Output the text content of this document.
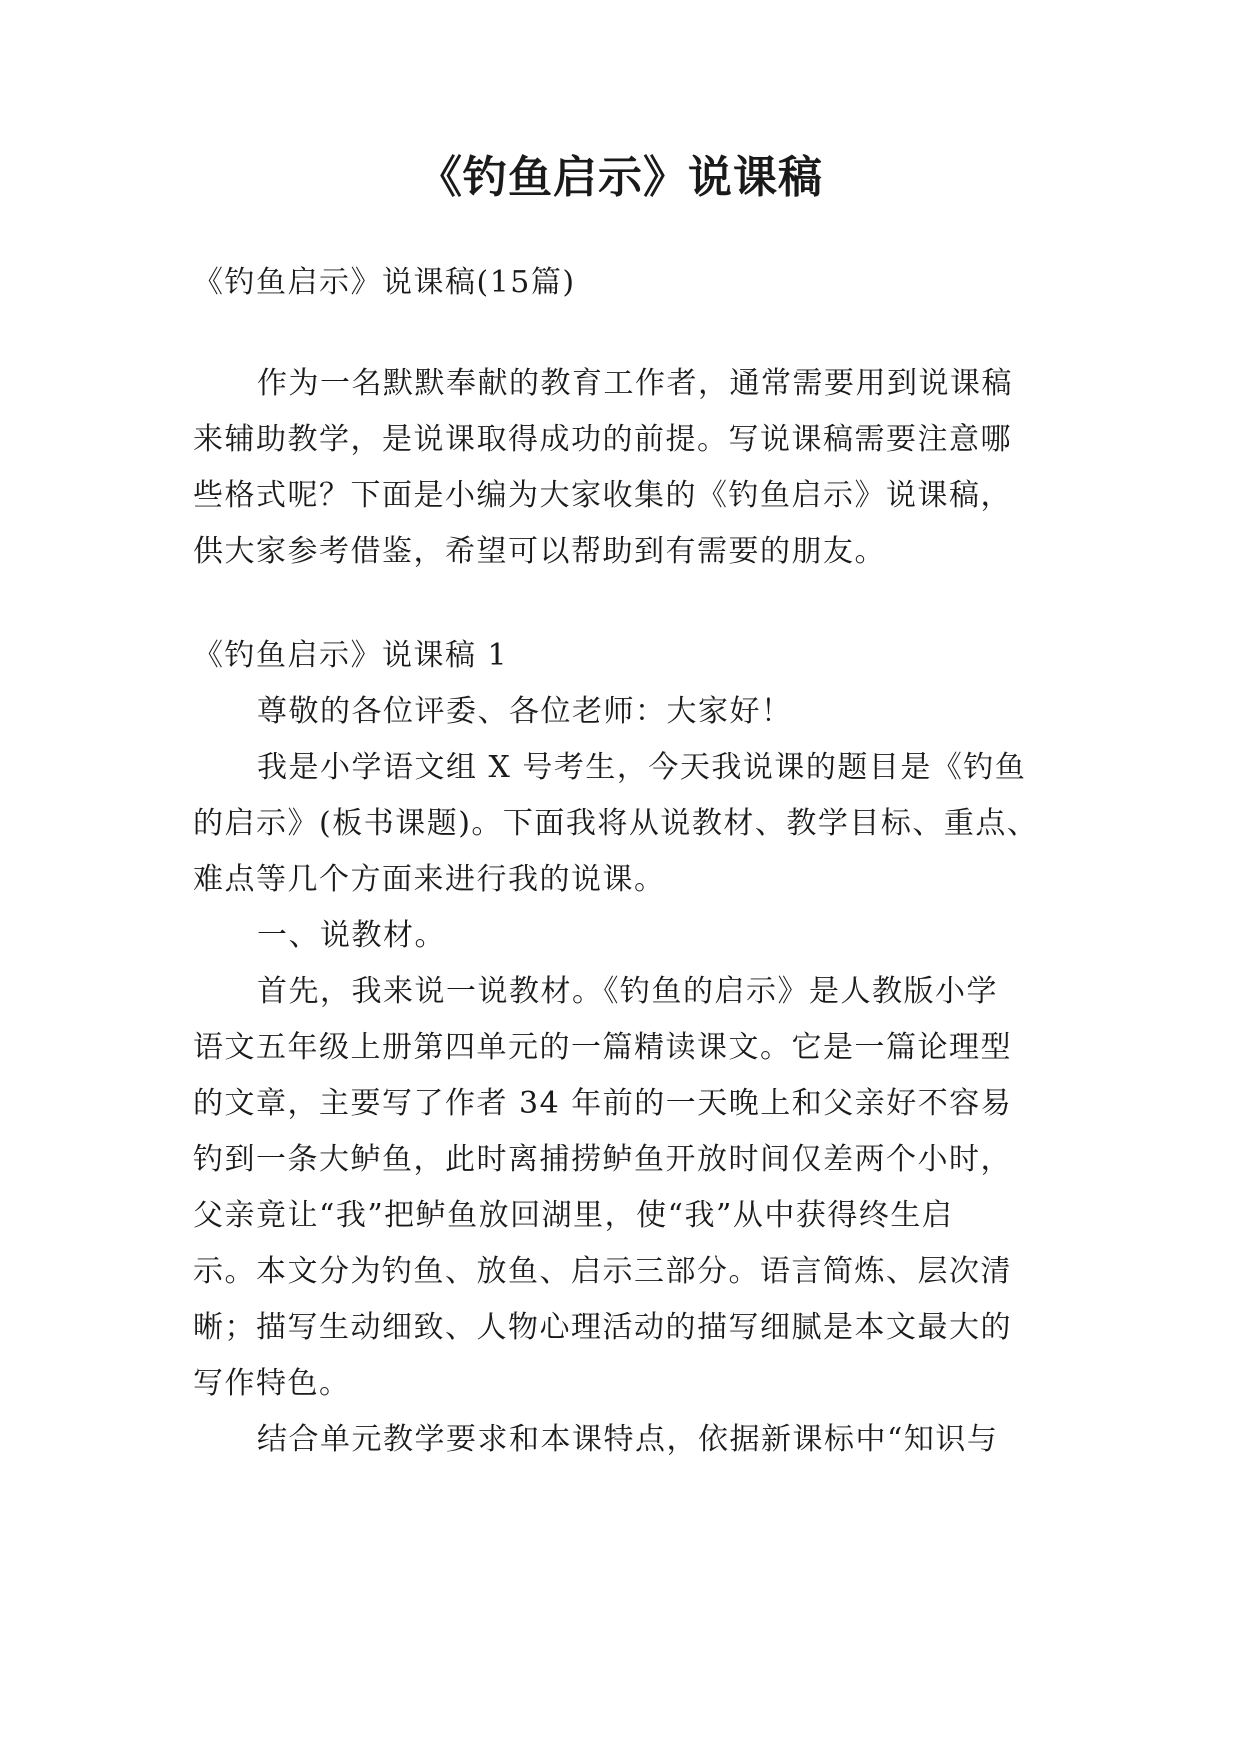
《钓鱼启示》说课稿

《钓鱼启示》说课稿(15篇)

作为一名默默奉献的教育工作者，通常需要用到说课稿

来辅助教学，是说课取得成功的前提。写说课稿需要注意哪

些格式呢？下面是小编为大家收集的《钓鱼启示》说课稿，

供大家参考借鉴，希望可以帮助到有需要的朋友。

《钓鱼启示》说课稿 1

尊敬的各位评委、各位老师：大家好！

我是小学语文组 X 号考生，今天我说课的题目是《钓鱼

的启示》(板书课题)。下面我将从说教材、教学目标、重点、

难点等几个方面来进行我的说课。

一、说教材。

首先，我来说一说教材。《钓鱼的启示》是人教版小学

语文五年级上册第四单元的一篇精读课文。它是一篇论理型

的文章，主要写了作者 34 年前的一天晚上和父亲好不容易

钓到一条大鲈鱼，此时离捕捞鲈鱼开放时间仅差两个小时，

父亲竟让“我”把鲈鱼放回湖里，使“我”从中获得终生启

示。本文分为钓鱼、放鱼、启示三部分。语言简炼、层次清

晰；描写生动细致、人物心理活动的描写细腻是本文最大的

写作特色。

结合单元教学要求和本课特点，依据新课标中“知识与
